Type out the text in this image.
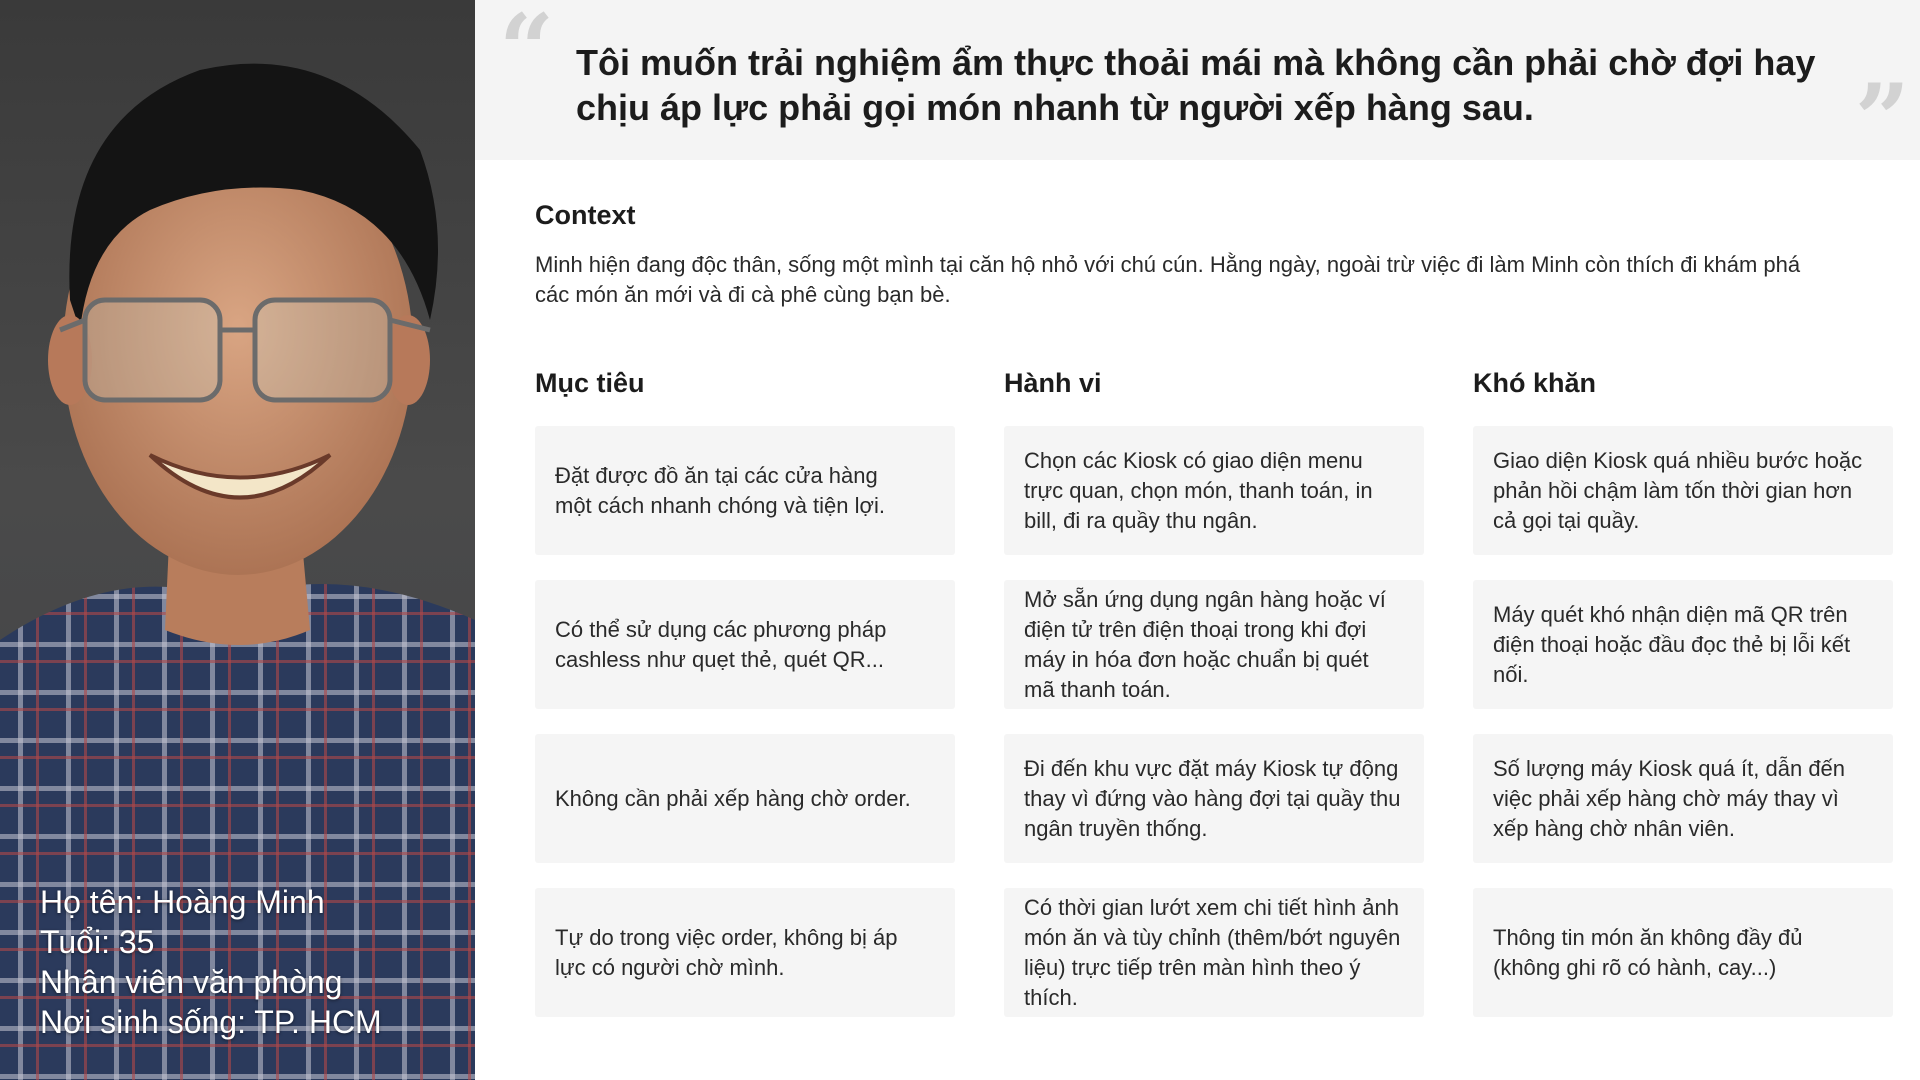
Họ tên: Hoàng Minh
Tuổi: 35
Nhân viên văn phòng
Nơi sinh sống: TP. HCM
“ Tôi muốn trải nghiệm ẩm thực thoải mái mà không cần phải chờ đợi hay chịu áp lực phải gọi món nhanh từ người xếp hàng sau.	”
Context
Minh hiện đang độc thân, sống một mình tại căn hộ nhỏ với chú cún. Hằng ngày, ngoài trừ việc đi làm Minh còn thích đi khám phá các món ăn mới và đi cà phê cùng bạn bè.
Mục tiêu
Đặt được đồ ăn tại các cửa hàng một cách nhanh chóng và tiện lợi.
Có thể sử dụng các phương pháp cashless như quẹt thẻ, quét QR...
Không cần phải xếp hàng chờ order.
Tự do trong việc order, không bị áp lực có người chờ mình.
Hành vi
Chọn các Kiosk có giao diện menu trực quan, chọn món, thanh toán, in bill, đi ra quầy thu ngân.
Mở sẵn ứng dụng ngân hàng hoặc ví điện tử trên điện thoại trong khi đợi máy in hóa đơn hoặc chuẩn bị quét mã thanh toán.
Đi đến khu vực đặt máy Kiosk tự động thay vì đứng vào hàng đợi tại quầy thu ngân truyền thống.
Có thời gian lướt xem chi tiết hình ảnh món ăn và tùy chỉnh (thêm/bớt nguyên liệu) trực tiếp trên màn hình theo ý thích.
Khó khăn
Giao diện Kiosk quá nhiều bước hoặc phản hồi chậm làm tốn thời gian hơn cả gọi tại quầy.
Máy quét khó nhận diện mã QR trên điện thoại hoặc đầu đọc thẻ bị lỗi kết nối.
Số lượng máy Kiosk quá ít, dẫn đến việc phải xếp hàng chờ máy thay vì xếp hàng chờ nhân viên.
Thông tin món ăn không đầy đủ (không ghi rõ có hành, cay...)
